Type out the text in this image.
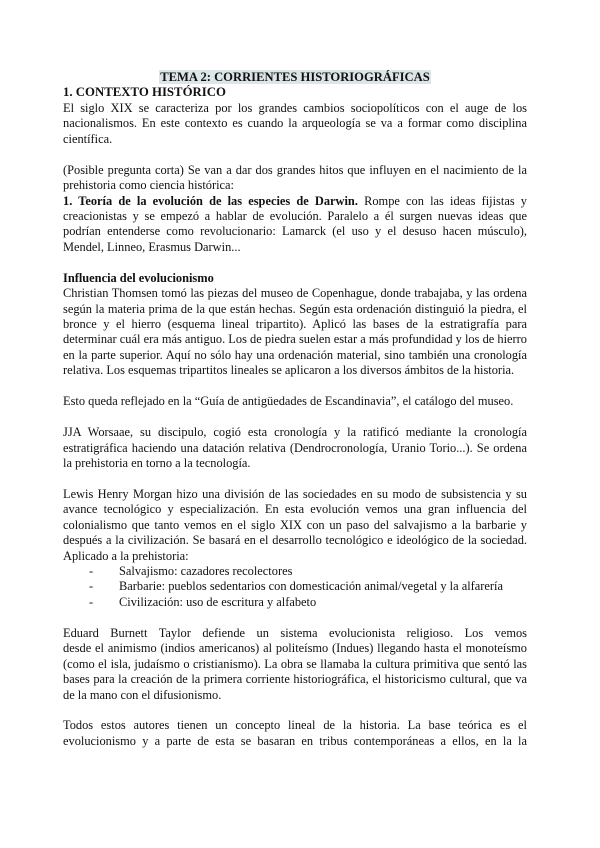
TEMA 2: CORRIENTES HISTORIOGRÁFICAS
1. CONTEXTO HISTÓRICO
El siglo XIX se caracteriza por los grandes cambios sociopolíticos con el auge de los
nacionalismos. En este contexto es cuando la arqueología se va a formar como disciplina
científica.
(Posible pregunta corta) Se van a dar dos grandes hitos que influyen en el nacimiento de la
prehistoria como ciencia histórica:
1. Teoría de la evolución de las especies de Darwin. Rompe con las ideas fijistas y
creacionistas y se empezó a hablar de evolución. Paralelo a él surgen nuevas ideas que
podrían entenderse como revolucionario: Lamarck (el uso y el desuso hacen músculo),
Mendel, Linneo, Erasmus Darwin...
Influencia del evolucionismo
Christian Thomsen tomó las piezas del museo de Copenhague, donde trabajaba, y las ordena
según la materia prima de la que están hechas. Según esta ordenación distinguió la piedra, el
bronce y el hierro (esquema lineal tripartito). Aplicó las bases de la estratigrafía para
determinar cuál era más antiguo. Los de piedra suelen estar a más profundidad y los de hierro
en la parte superior. Aquí no sólo hay una ordenación material, sino también una cronología
relativa. Los esquemas tripartitos lineales se aplicaron a los diversos ámbitos de la historia.
Esto queda reflejado en la “Guía de antigüedades de Escandinavia”, el catálogo del museo.
JJA Worsaae, su discipulo, cogió esta cronología y la ratificó mediante la cronología
estratigráfica haciendo una datación relativa (Dendrocronología, Uranio Torio...). Se ordena
la prehistoria en torno a la tecnología.
Lewis Henry Morgan hizo una división de las sociedades en su modo de subsistencia y su
avance tecnológico y especialización. En esta evolución vemos una gran influencia del
colonialismo que tanto vemos en el siglo XIX con un paso del salvajismo a la barbarie y
después a la civilización. Se basará en el desarrollo tecnológico e ideológico de la sociedad.
Aplicado a la prehistoria:
- Salvajismo: cazadores recolectores
- Barbarie: pueblos sedentarios con domesticación animal/vegetal y la alfarería
- Civilización: uso de escritura y alfabeto
Eduard Burnett Taylor defiende un sistema evolucionista religioso. Los vemos
desde el animismo (indios americanos) al politeísmo (Indues) llegando hasta el monoteísmo
(como el isla, judaísmo o cristianismo). La obra se llamaba la cultura primitiva que sentó las
bases para la creación de la primera corriente historiográfica, el historicismo cultural, que va
de la mano con el difusionismo.
Todos estos autores tienen un concepto lineal de la historia. La base teórica es el
evolucionismo y a parte de esta se basaran en tribus contemporáneas a ellos, en la la
